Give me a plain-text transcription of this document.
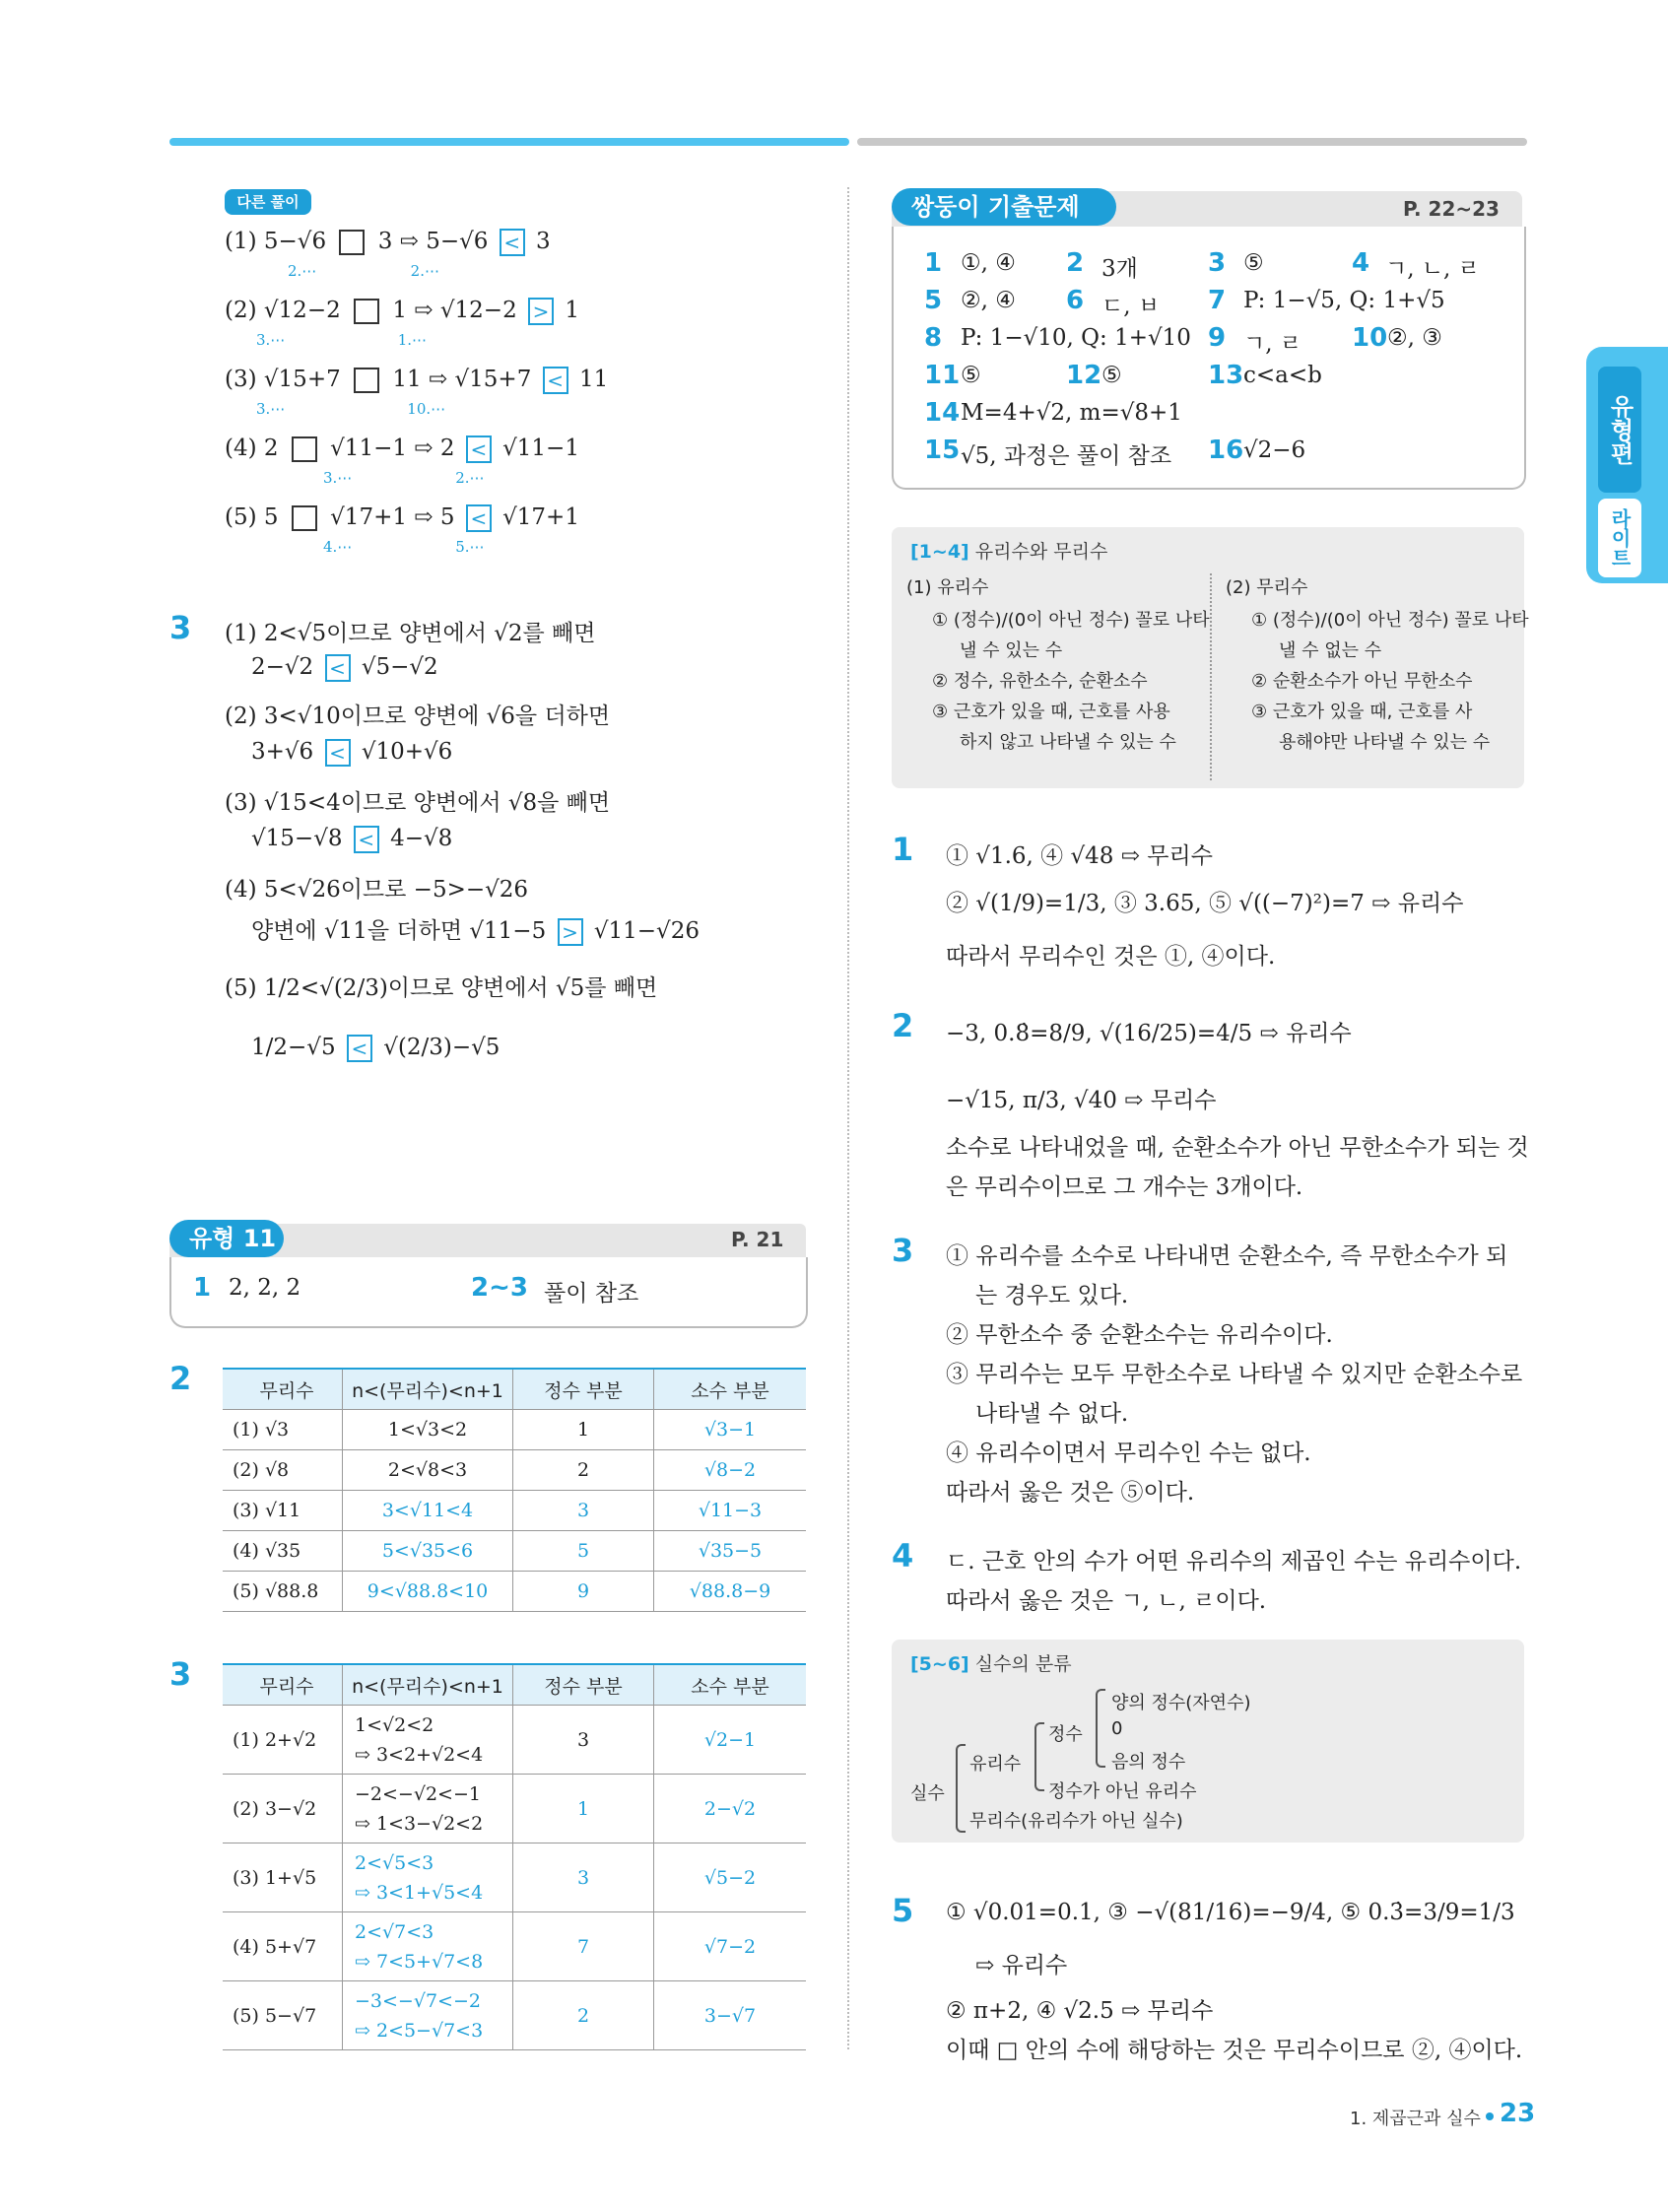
다른 풀이
(1) 5−√6  3 ⇨ 5−√6 < 3
2.⋯                    2.⋯
(2) √12−2  1 ⇨ √12−2 > 1
3.⋯                        1.⋯
(3) √15+7  11 ⇨ √15+7 < 11
3.⋯                          10.⋯
(4) 2  √11−1 ⇨ 2 < √11−1
3.⋯                      2.⋯
(5) 5  √17+1 ⇨ 5 < √17+1
4.⋯                      5.⋯
3 (1) 2<√5이므로 양변에서 √2를 빼면
2−√2 < √5−√2
(2) 3<√10이므로 양변에 √6을 더하면
3+√6 < √10+√6
(3) √15<4이므로 양변에서 √8을 빼면
√15−√8 < 4−√8
(4) 5<√26이므로 −5>−√26
양변에 √11을 더하면 √11−5 > √11−√26
(5) 1/2<√(2/3)이므로 양변에서 √5를 빼면
1/2−√5 < √(2/3)−√5
유형 11	P. 21
1 2, 2, 2	2~3 풀이 참조
2	무리수	n<(무리수)<n+1	정수 부분	소수 부분
(1) √3	1<√3<2	1	√3−1
(2) √8	2<√8<3	2	√8−2
(3) √11	3<√11<4	3	√11−3
(4) √35	5<√35<6	5	√35−5
(5) √88.8	9<√88.8<10	9	√88.8−9
3	무리수	n<(무리수)<n+1	정수 부분	소수 부분
(1) 2+√2	1<√2<2
⇨ 3<2+√2<4	3	√2−1
(2) 3−√2	−2<−√2<−1
⇨ 1<3−√2<2	1	2−√2
(3) 1+√5	2<√5<3
⇨ 3<1+√5<4	3	√5−2
(4) 5+√7	2<√7<3
⇨ 7<5+√7<8	7	√7−2
(5) 5−√7	−3<−√7<−2
⇨ 2<5−√7<3	2	3−√7
쌍둥이 기출문제	P. 22~23
1 ①, ④ 2 3개	3 ⑤	4 ㄱ, ㄴ, ㄹ
5 ②, ④ 6 ㄷ, ㅂ 7 P: 1−√5, Q: 1+√5
8 P: 1−√10, Q: 1+√10 9 ㄱ, ㄹ 10 ②, ③
11 ⑤	12 ⑤	13 c<a<b
14 M=4+√2, m=√8+1
15 √5, 과정은 풀이 참조 16 √2−6
[1~4] 유리수와 무리수
(1) 유리수	(2) 무리수
① (정수)/(0이 아닌 정수) 꼴로 나타
낼 수 있는 수
② 정수, 유한소수, 순환소수
③ 근호가 있을 때, 근호를 사용
하지 않고 나타낼 수 있는 수
① (정수)/(0이 아닌 정수) 꼴로 나타
낼 수 없는 수
② 순환소수가 아닌 무한소수
③ 근호가 있을 때, 근호를 사
용해야만 나타낼 수 있는 수
1 ① √1.6, ④ √48 ⇨ 무리수
② √(1/9)=1/3, ③ 3.65, ⑤ √((−7)²)=7 ⇨ 유리수
따라서 무리수인 것은 ①, ④이다.
2 −3, 0.8̇=8/9, √(16/25)=4/5 ⇨ 유리수
−√15, π/3, √40 ⇨ 무리수
소수로 나타내었을 때, 순환소수가 아닌 무한소수가 되는 것
은 무리수이므로 그 개수는 3개이다.
3 ① 유리수를 소수로 나타내면 순환소수, 즉 무한소수가 되
는 경우도 있다.
② 무한소수 중 순환소수는 유리수이다.
③ 무리수는 모두 무한소수로 나타낼 수 있지만 순환소수로
나타낼 수 없다.
④ 유리수이면서 무리수인 수는 없다.
따라서 옳은 것은 ⑤이다.
4 ㄷ. 근호 안의 수가 어떤 유리수의 제곱인 수는 유리수이다.
따라서 옳은 것은 ㄱ, ㄴ, ㄹ이다.
[5~6] 실수의 분류
실수
유리수
정수
양의 정수(자연수)
0
음의 정수
정수가 아닌 유리수
무리수(유리수가 아닌 실수)
5 ① √0.01=0.1, ③ −√(81/16)=−9/4, ⑤ 0.3̇=3/9=1/3
⇨ 유리수
② π+2, ④ √2.5 ⇨ 무리수
이때 □ 안의 수에 해당하는 것은 무리수이므로 ②, ④이다.
유형편
라이트
1. 제곱근과 실수 23
